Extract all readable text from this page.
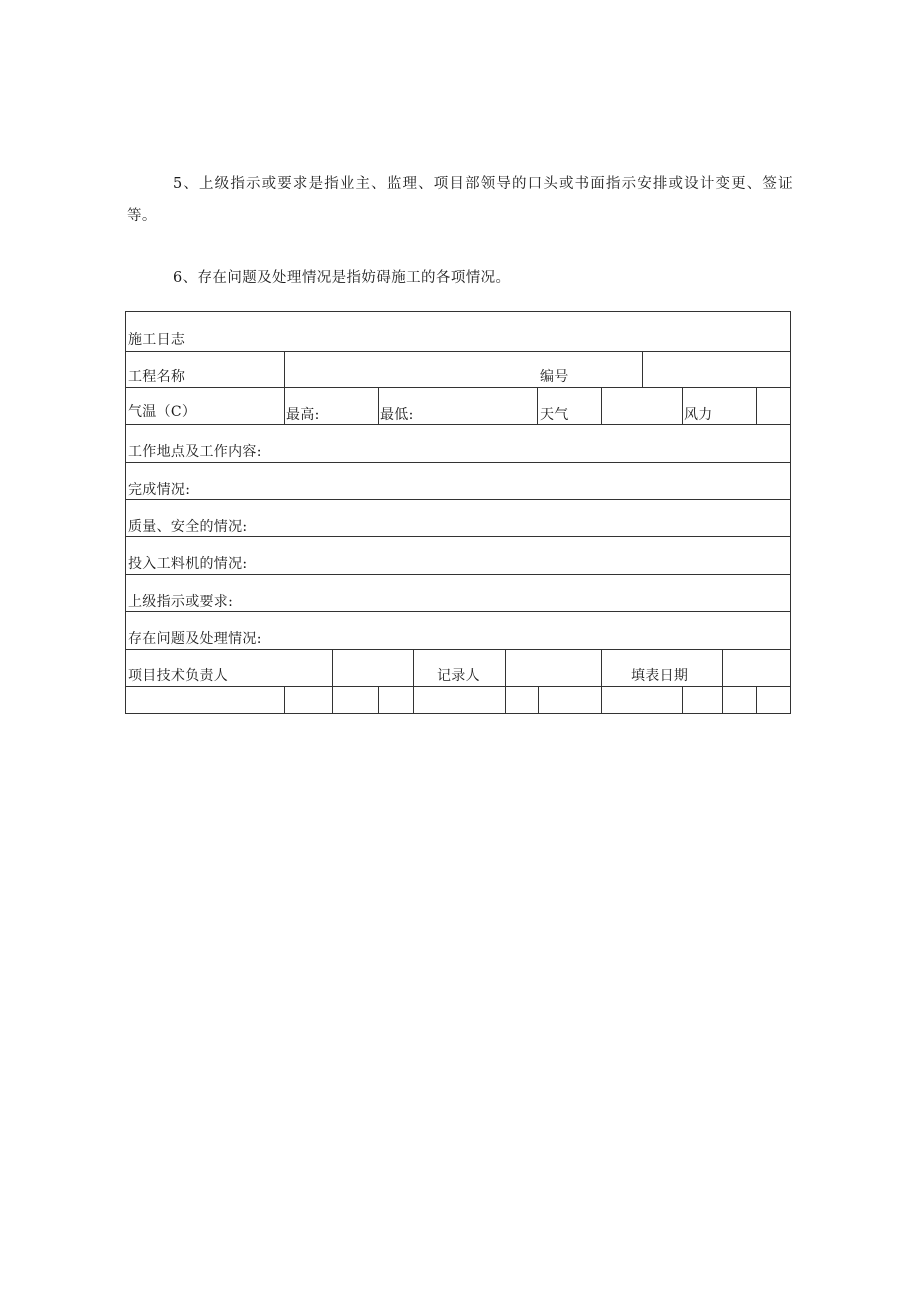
5、上级指示或要求是指业主、监理、项目部领导的口头或书面指示安排或设计变更、签证等。

6、存在问题及处理情况是指妨碍施工的各项情况。

施工日志
工程名称	编号
气温（C）	最高:	最低:	天气	风力
工作地点及工作内容:
完成情况:
质量、安全的情况:
投入工料机的情况:
上级指示或要求:
存在问题及处理情况:
项目技术负责人	记录人	填表日期
